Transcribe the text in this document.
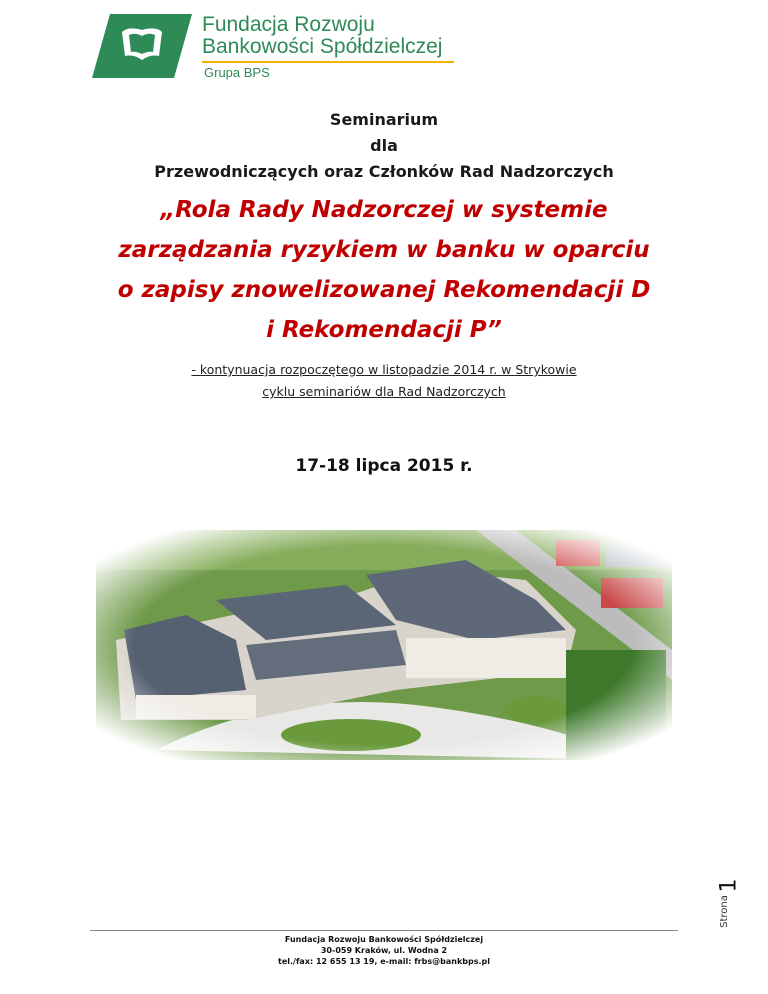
Fundacja Rozwoju
Bankowości Spółdzielczej
Grupa BPS
Seminarium
dla
Przewodniczących oraz Członków Rad Nadzorczych
„Rola Rady Nadzorczej w systemie
zarządzania ryzykiem w banku w oparciu
o zapisy znowelizowanej Rekomendacji D
i Rekomendacji P”
- kontynuacja rozpoczętego w listopadzie 2014 r. w Strykowie
cyklu seminariów dla Rad Nadzorczych
17-18 lipca 2015 r.
Strona
1
Fundacja Rozwoju Bankowości Spółdzielczej
30-059 Kraków, ul. Wodna 2
tel./fax: 12 655 13 19, e-mail: frbs@bankbps.pl
